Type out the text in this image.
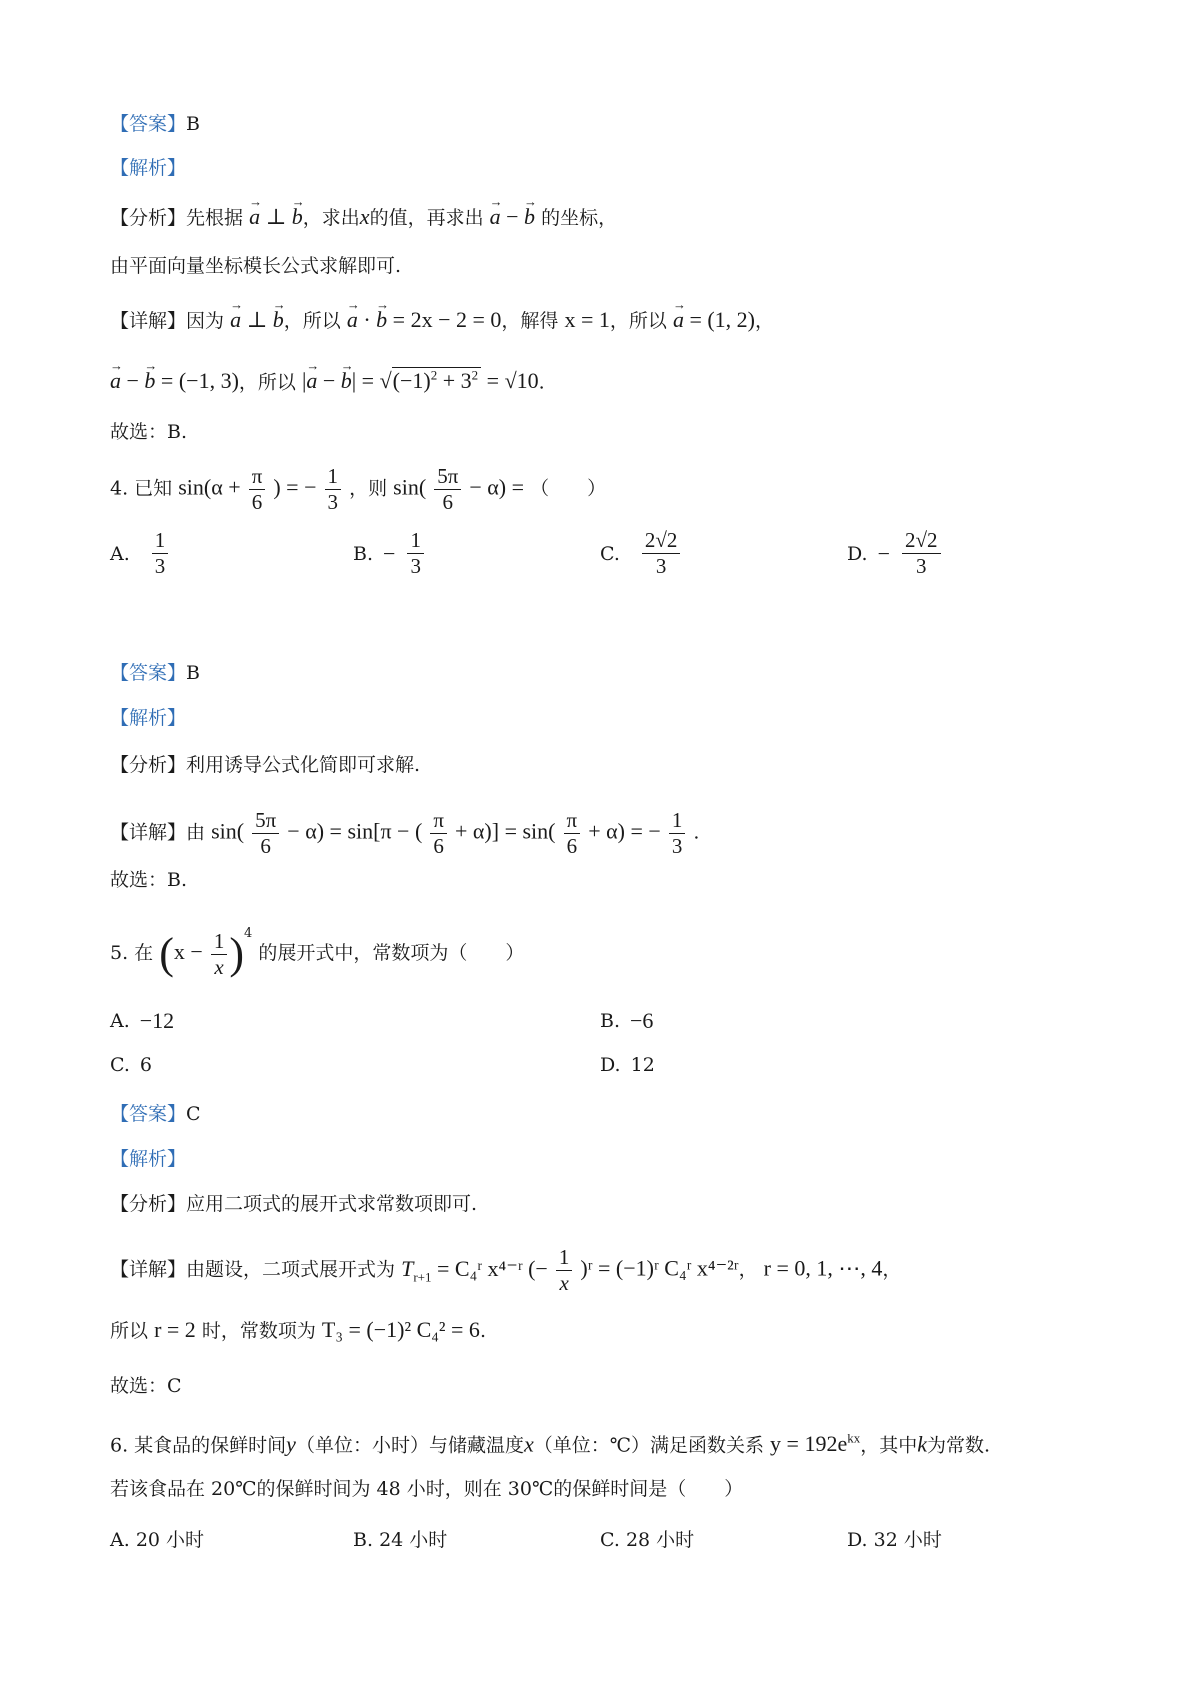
【答案】B
【解析】
【分析】先根据 → a ⊥ → b，求出x的值，再求出 → a − → b 的坐标，
由平面向量坐标模长公式求解即可.
【详解】因为 → a ⊥ → b，所以 → a · → b = 2x − 2 = 0，解得 x = 1，所以 → a = (1, 2)，
→ a − → b = (−1, 3)，所以 |→ a − → $b| = √(-1)^2 + 3^2 = √10$.
故选：B.
4. 已知 $\sin(\alpha + \frac{\pi}{6}$ ) = − $\frac{1}{3}$ ，则 $\sin( \frac{5\pi}{6} - \alpha)$ = （　　）
A. $\frac{1}{3}$	B. − $\frac{1}{3}$	C. $\frac{2√2}{3}$	D. − $\frac{2√2}{3}$
【答案】B
【解析】
【分析】利用诱导公式化简即可求解.
【详解】由 $\sin( \frac{5\pi}{6} - \alpha) = \sin[\pi$ − ( $\frac{\pi}{6} + \alpha)] = \sin( \frac{\pi}{6} + \alpha)$ = − $\frac{1}{3}$ .
故选：B.
5. 在 $(x - \frac{1}{x} )^4$ 的展开式中，常数项为（　　）
A. −12	B. −6
C. 6	D. 12
【答案】C
【解析】
【分析】应用二项式的展开式求常数项即可.
【详解】由题设，二项式展开式为 $T_{r+1}$ = C₄ʳ x⁴⁻ʳ (− $\frac{1}{x}$ )ʳ = (−1)ʳ C₄ʳ x⁴⁻²ʳ， r = 0, 1, ⋯, 4，
所以 r = 2 时，常数项为 T₃ = (−1)² C₄² = 6.
故选：C
6. 某食品的保鲜时间y（单位：小时）与储藏温度x（单位：℃）满足函数关系 $y = 192e^{kx}$，其中k为常数.
若该食品在 20℃的保鲜时间为 48 小时，则在 30℃的保鲜时间是（　　）
A. 20 小时	B. 24 小时	C. 28 小时	D. 32 小时
